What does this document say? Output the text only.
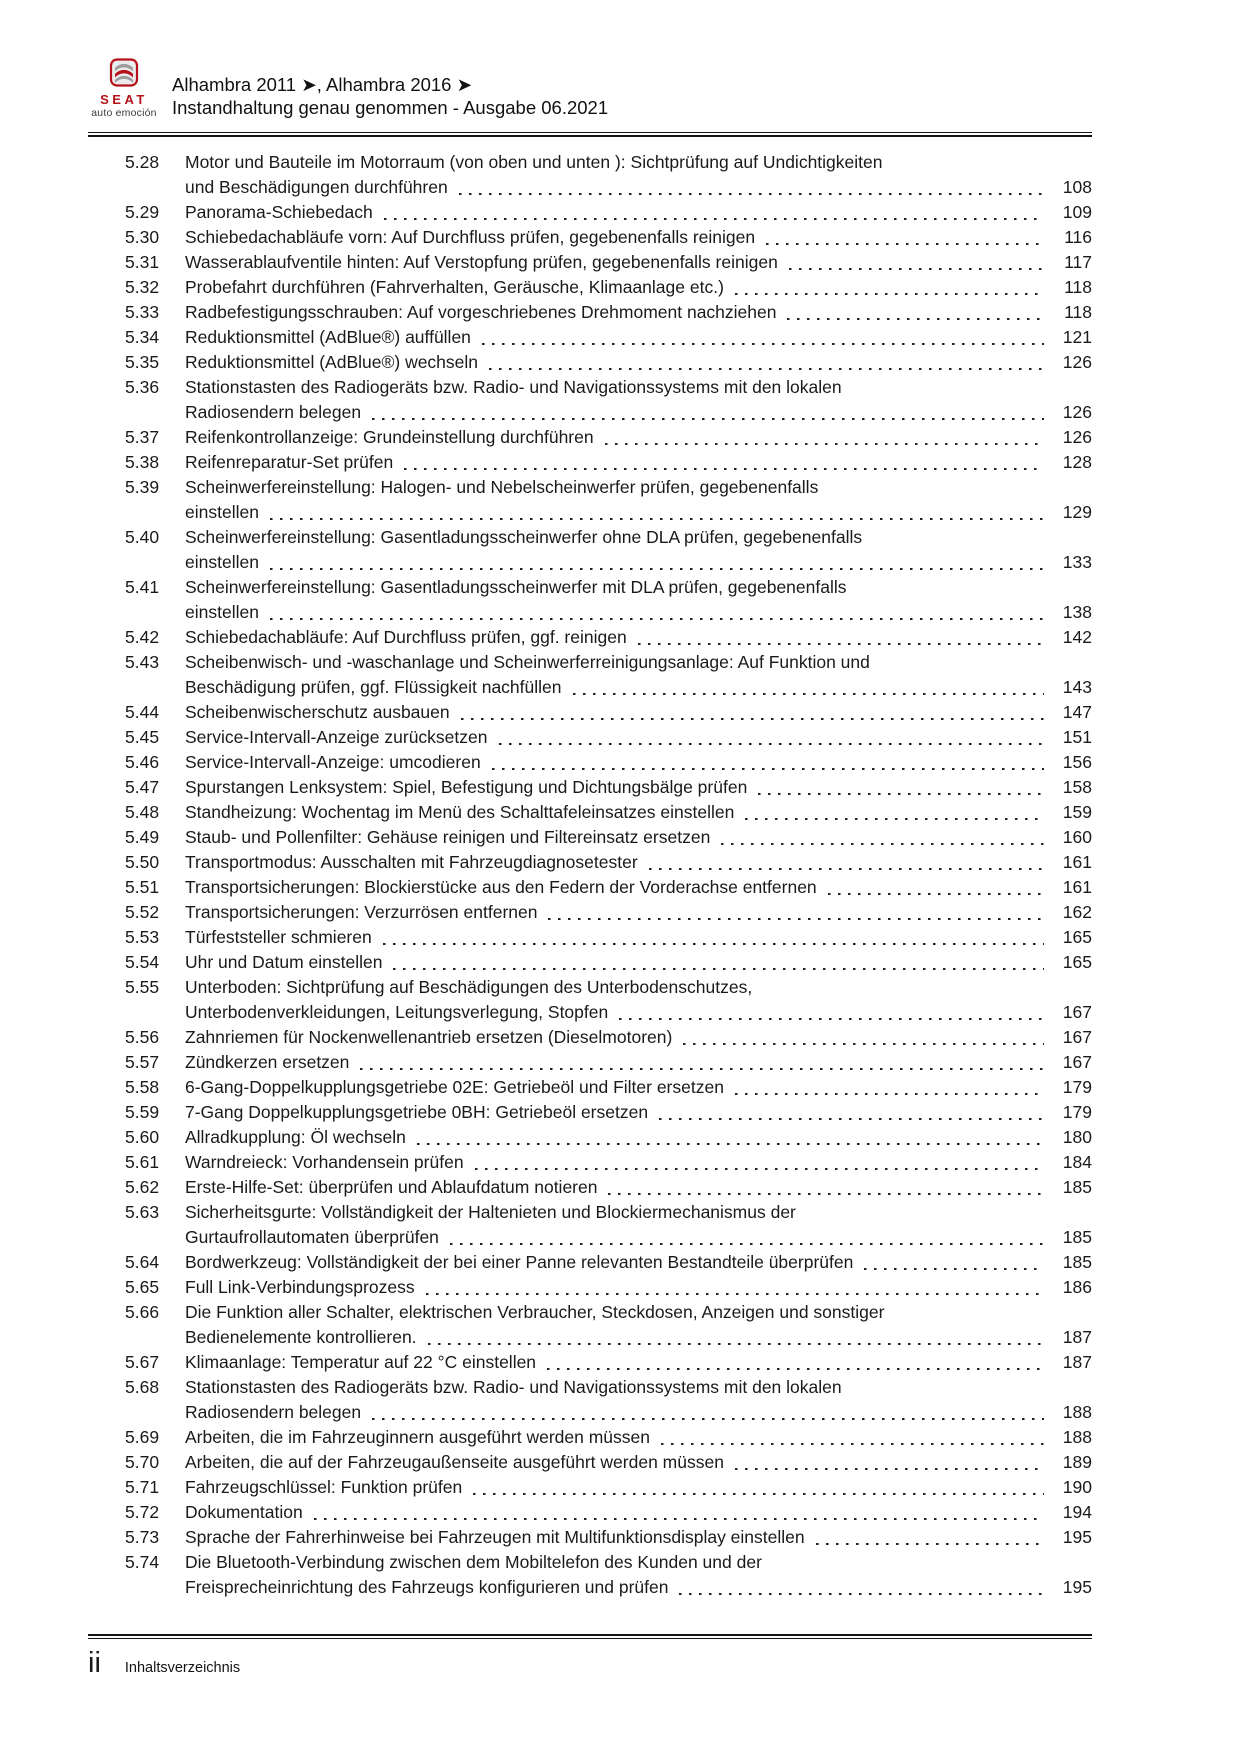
SEAT
auto emoción
Alhambra 2011 ➤, Alhambra 2016 ➤
Instandhaltung genau genommen - Ausgabe 06.2021
5.28	Motor und Bauteile im Motorraum (von oben und unten ): Sichtprüfung auf Undichtigkeiten
und Beschädigungen durchführen	108
5.29	Panorama-Schiebedach	109
5.30	Schiebedachabläufe vorn: Auf Durchfluss prüfen, gegebenenfalls reinigen	116
5.31	Wasserablaufventile hinten: Auf Verstopfung prüfen, gegebenenfalls reinigen	117
5.32	Probefahrt durchführen (Fahrverhalten, Geräusche, Klimaanlage etc.)	118
5.33	Radbefestigungsschrauben: Auf vorgeschriebenes Drehmoment nachziehen	118
5.34	Reduktionsmittel (AdBlue®) auffüllen	121
5.35	Reduktionsmittel (AdBlue®) wechseln	126
5.36	Stationstasten des Radiogeräts bzw. Radio- und Navigationssystems mit den lokalen
Radiosendern belegen	126
5.37	Reifenkontrollanzeige: Grundeinstellung durchführen	126
5.38	Reifenreparatur-Set prüfen	128
5.39	Scheinwerfereinstellung: Halogen- und Nebelscheinwerfer prüfen, gegebenenfalls
einstellen	129
5.40	Scheinwerfereinstellung: Gasentladungsscheinwerfer ohne DLA prüfen, gegebenenfalls
einstellen	133
5.41	Scheinwerfereinstellung: Gasentladungsscheinwerfer mit DLA prüfen, gegebenenfalls
einstellen	138
5.42	Schiebedachabläufe: Auf Durchfluss prüfen, ggf. reinigen	142
5.43	Scheibenwisch- und -waschanlage und Scheinwerferreinigungsanlage: Auf Funktion und
Beschädigung prüfen, ggf. Flüssigkeit nachfüllen	143
5.44	Scheibenwischerschutz ausbauen	147
5.45	Service-Intervall-Anzeige zurücksetzen	151
5.46	Service-Intervall-Anzeige: umcodieren	156
5.47	Spurstangen Lenksystem: Spiel, Befestigung und Dichtungsbälge prüfen	158
5.48	Standheizung: Wochentag im Menü des Schalttafeleinsatzes einstellen	159
5.49	Staub- und Pollenfilter: Gehäuse reinigen und Filtereinsatz ersetzen	160
5.50	Transportmodus: Ausschalten mit Fahrzeugdiagnosetester	161
5.51	Transportsicherungen: Blockierstücke aus den Federn der Vorderachse entfernen	161
5.52	Transportsicherungen: Verzurrösen entfernen	162
5.53	Türfeststeller schmieren	165
5.54	Uhr und Datum einstellen	165
5.55	Unterboden: Sichtprüfung auf Beschädigungen des Unterbodenschutzes,
Unterbodenverkleidungen, Leitungsverlegung, Stopfen	167
5.56	Zahnriemen für Nockenwellenantrieb ersetzen (Dieselmotoren)	167
5.57	Zündkerzen ersetzen	167
5.58	6-Gang-Doppelkupplungsgetriebe 02E: Getriebeöl und Filter ersetzen	179
5.59	7-Gang Doppelkupplungsgetriebe 0BH: Getriebeöl ersetzen	179
5.60	Allradkupplung: Öl wechseln	180
5.61	Warndreieck: Vorhandensein prüfen	184
5.62	Erste-Hilfe-Set: überprüfen und Ablaufdatum notieren	185
5.63	Sicherheitsgurte: Vollständigkeit der Haltenieten und Blockiermechanismus der
Gurtaufrollautomaten überprüfen	185
5.64	Bordwerkzeug: Vollständigkeit der bei einer Panne relevanten Bestandteile überprüfen	185
5.65	Full Link-Verbindungsprozess	186
5.66	Die Funktion aller Schalter, elektrischen Verbraucher, Steckdosen, Anzeigen und sonstiger
Bedienelemente kontrollieren.	187
5.67	Klimaanlage: Temperatur auf 22 °C einstellen	187
5.68	Stationstasten des Radiogeräts bzw. Radio- und Navigationssystems mit den lokalen
Radiosendern belegen	188
5.69	Arbeiten, die im Fahrzeuginnern ausgeführt werden müssen	188
5.70	Arbeiten, die auf der Fahrzeugaußenseite ausgeführt werden müssen	189
5.71	Fahrzeugschlüssel: Funktion prüfen	190
5.72	Dokumentation	194
5.73	Sprache der Fahrerhinweise bei Fahrzeugen mit Multifunktionsdisplay einstellen	195
5.74	Die Bluetooth-Verbindung zwischen dem Mobiltelefon des Kunden und der
Freisprecheinrichtung des Fahrzeugs konfigurieren und prüfen	195
ii Inhaltsverzeichnis
